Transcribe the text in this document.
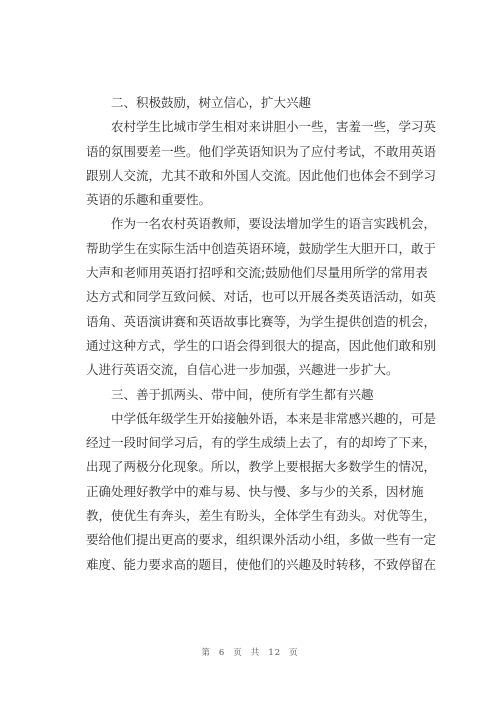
二、积极鼓励，树立信心，扩大兴趣
农村学生比城市学生相对来讲胆小一些，害羞一些，学习英
语的氛围要差一些。他们学英语知识为了应付考试，不敢用英语
跟别人交流，尤其不敢和外国人交流。因此他们也体会不到学习
英语的乐趣和重要性。
作为一名农村英语教师，要设法增加学生的语言实践机会，
帮助学生在实际生活中创造英语环境，鼓励学生大胆开口，敢于
大声和老师用英语打招呼和交流;鼓励他们尽量用所学的常用表
达方式和同学互致问候、对话，也可以开展各类英语活动，如英
语角、英语演讲赛和英语故事比赛等，为学生提供创造的机会，
通过这种方式，学生的口语会得到很大的提高，因此他们敢和别
人进行英语交流，自信心进一步加强，兴趣进一步扩大。
三、善于抓两头、带中间，使所有学生都有兴趣
中学低年级学生开始接触外语，本来是非常感兴趣的，可是
经过一段时间学习后，有的学生成绩上去了，有的却垮了下来，
出现了两极分化现象。所以，教学上要根据大多数学生的情况，
正确处理好教学中的难与易、快与慢、多与少的关系，因材施
教，使优生有奔头，差生有盼头，全体学生有劲头。对优等生，
要给他们提出更高的要求，组织课外活动小组，多做一些有一定
难度、能力要求高的题目，使他们的兴趣及时转移，不致停留在
第 6 页 共 12 页
